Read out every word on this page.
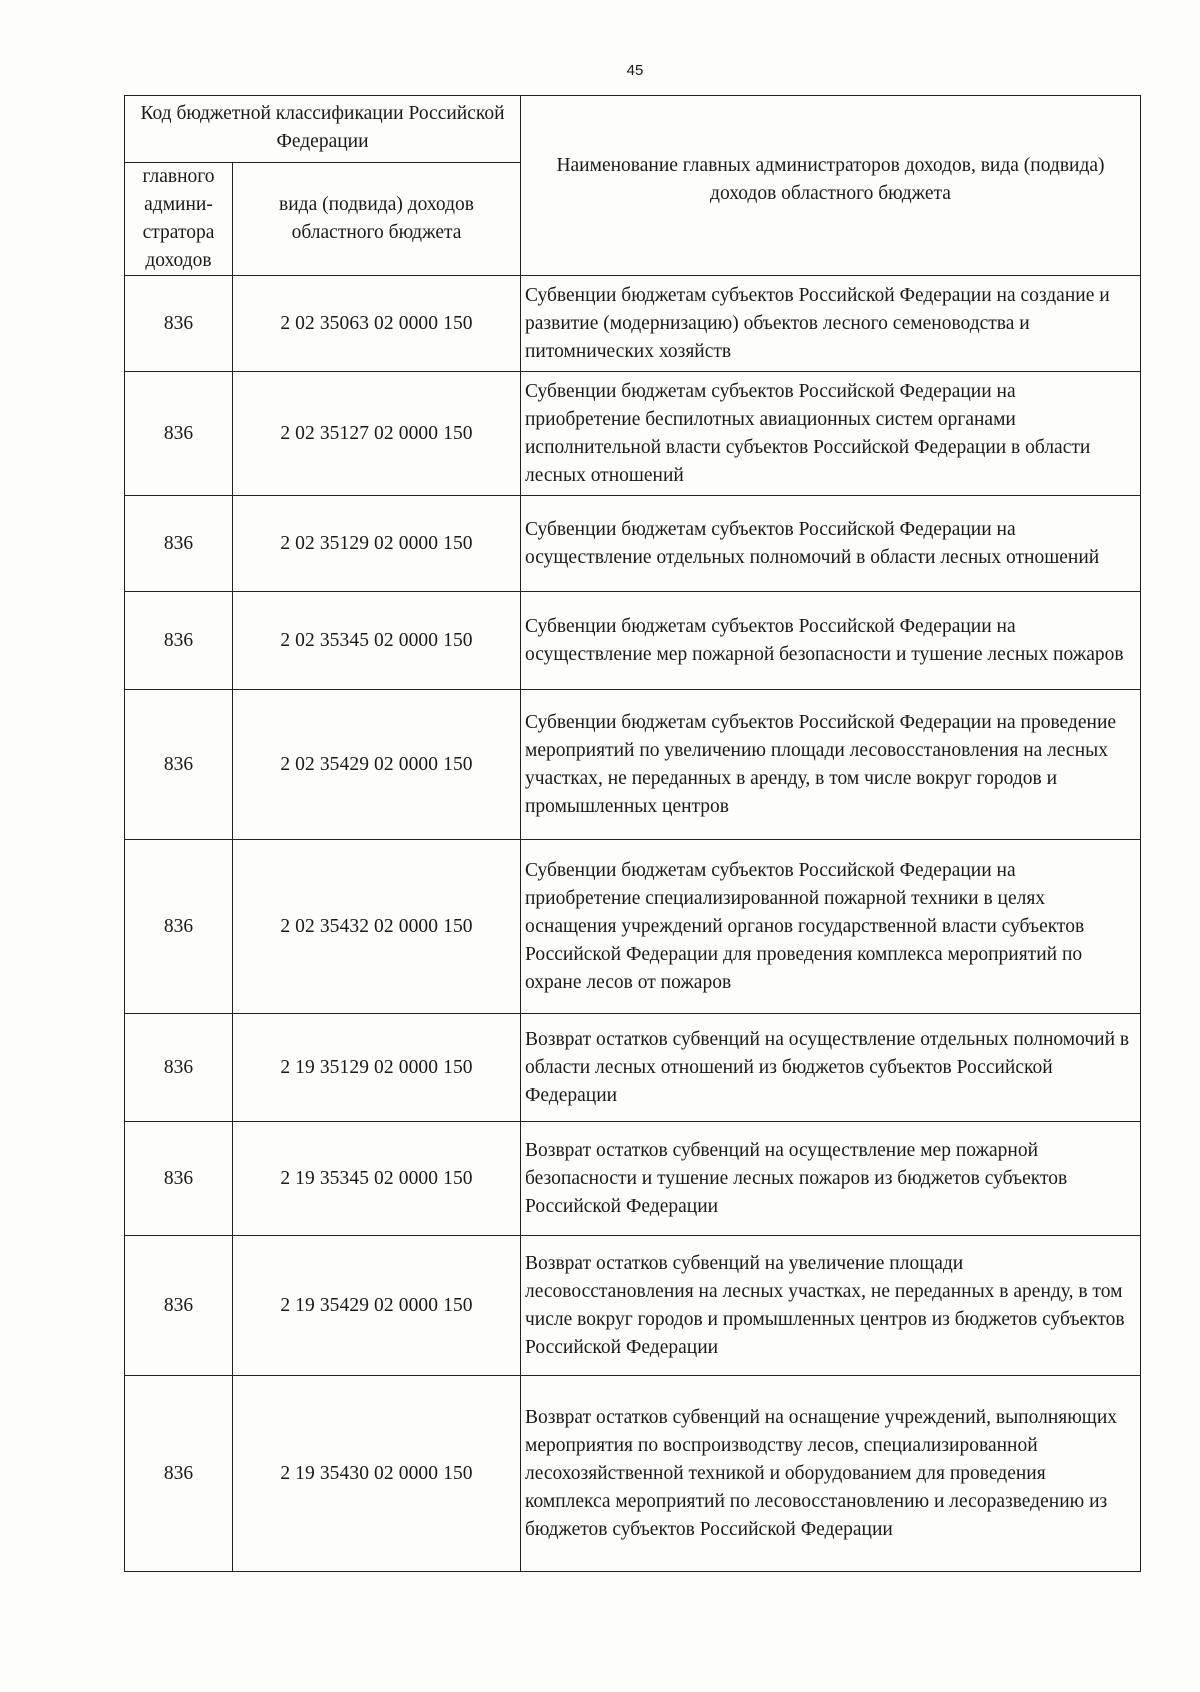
45
Код бюджетной классификации Российской Федерации		Наименование главных администраторов доходов, вида (подвида) доходов областного бюджета
главного админи-стратора доходов	вида (подвида) доходов областного бюджета	
836	2 02 35063 02 0000 150	Субвенции бюджетам субъектов Российской Федерации на создание и развитие (модернизацию) объектов лесного семеноводства и питомнических хозяйств
836	2 02 35127 02 0000 150	Субвенции бюджетам субъектов Российской Федерации на приобретение беспилотных авиационных систем органами исполнительной власти субъектов Российской Федерации в области лесных отношений
836	2 02 35129 02 0000 150	Субвенции бюджетам субъектов Российской Федерации на осуществление отдельных полномочий в области лесных отношений
836	2 02 35345 02 0000 150	Субвенции бюджетам субъектов Российской Федерации на осуществление мер пожарной безопасности и тушение лесных пожаров
836	2 02 35429 02 0000 150	Субвенции бюджетам субъектов Российской Федерации на проведение мероприятий по увеличению площади лесовосстановления на лесных участках, не переданных в аренду, в том числе вокруг городов и промышленных центров
836	2 02 35432 02 0000 150	Субвенции бюджетам субъектов Российской Федерации на приобретение специализированной пожарной техники в целях оснащения учреждений органов государственной власти субъектов Российской Федерации для проведения комплекса мероприятий по охране лесов от пожаров
836	2 19 35129 02 0000 150	Возврат остатков субвенций на осуществление отдельных полномочий в области лесных отношений из бюджетов субъектов Российской Федерации
836	2 19 35345 02 0000 150	Возврат остатков субвенций на осуществление мер пожарной безопасности и тушение лесных пожаров из бюджетов субъектов Российской Федерации
836	2 19 35429 02 0000 150	Возврат остатков субвенций на увеличение площади лесовосстановления на лесных участках, не переданных в аренду, в том числе вокруг городов и промышленных центров из бюджетов субъектов Российской Федерации
836	2 19 35430 02 0000 150	Возврат остатков субвенций на оснащение учреждений, выполняющих мероприятия по воспроизводству лесов, специализированной лесохозяйственной техникой и оборудованием для проведения комплекса мероприятий по лесовосстановлению и лесоразведению из бюджетов субъектов Российской Федерации
